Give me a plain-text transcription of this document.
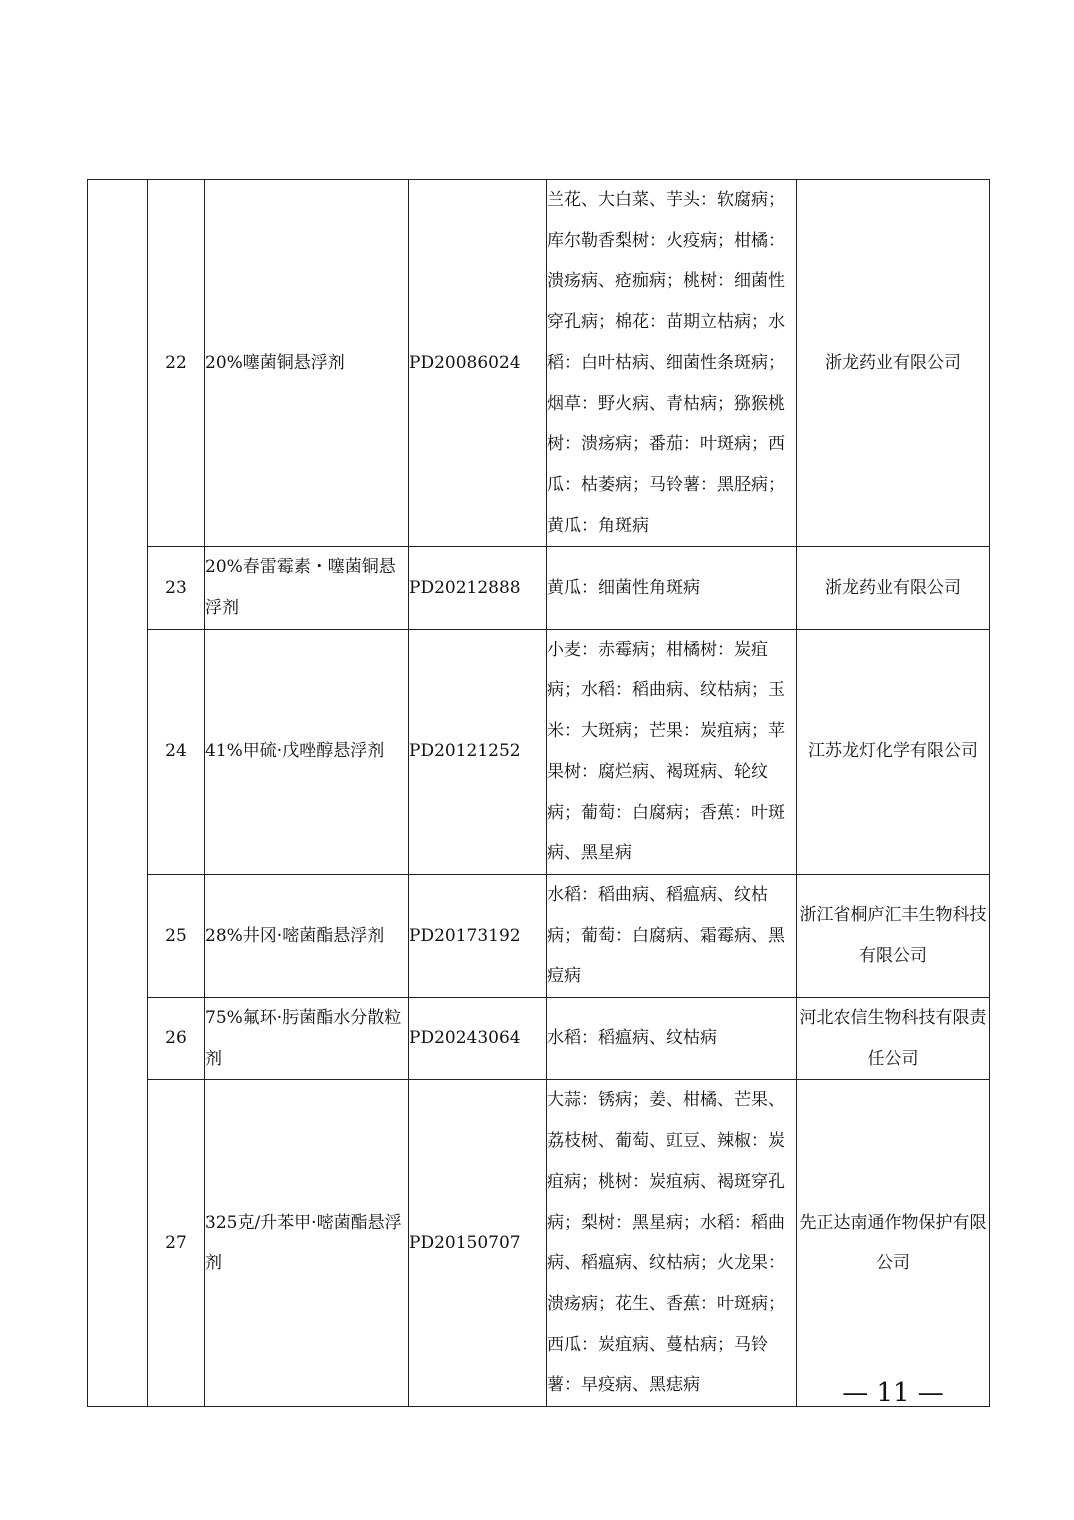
	22	20%噻菌铜悬浮剂	PD20086024	兰花、大白菜、芋头：软腐病；库尔勒香梨树：火疫病；柑橘：溃疡病、疮痂病；桃树：细菌性穿孔病；棉花：苗期立枯病；水稻：白叶枯病、细菌性条斑病；烟草：野火病、青枯病；猕猴桃树：溃疡病；番茄：叶斑病；西瓜：枯萎病；马铃薯：黑胫病；黄瓜：角斑病	浙龙药业有限公司
	23	20%春雷霉素・噻菌铜悬浮剂	PD20212888	黄瓜：细菌性角斑病	浙龙药业有限公司
	24	41%甲硫·戊唑醇悬浮剂	PD20121252	小麦：赤霉病；柑橘树：炭疽病；水稻：稻曲病、纹枯病；玉米：大斑病；芒果：炭疽病；苹果树：腐烂病、褐斑病、轮纹病；葡萄：白腐病；香蕉：叶斑病、黑星病	江苏龙灯化学有限公司
	25	28%井冈·嘧菌酯悬浮剂	PD20173192	水稻：稻曲病、稻瘟病、纹枯病；葡萄：白腐病、霜霉病、黑痘病	浙江省桐庐汇丰生物科技有限公司
	26	75%氟环·肟菌酯水分散粒剂	PD20243064	水稻：稻瘟病、纹枯病	河北农信生物科技有限责任公司
	27	325克/升苯甲·嘧菌酯悬浮剂	PD20150707	大蒜：锈病；姜、柑橘、芒果、荔枝树、葡萄、豇豆、辣椒：炭疽病；桃树：炭疽病、褐斑穿孔病；梨树：黑星病；水稻：稻曲病、稻瘟病、纹枯病；火龙果：溃疡病；花生、香蕉：叶斑病；西瓜：炭疽病、蔓枯病；马铃薯：早疫病、黑痣病	先正达南通作物保护有限公司
— 11 —
